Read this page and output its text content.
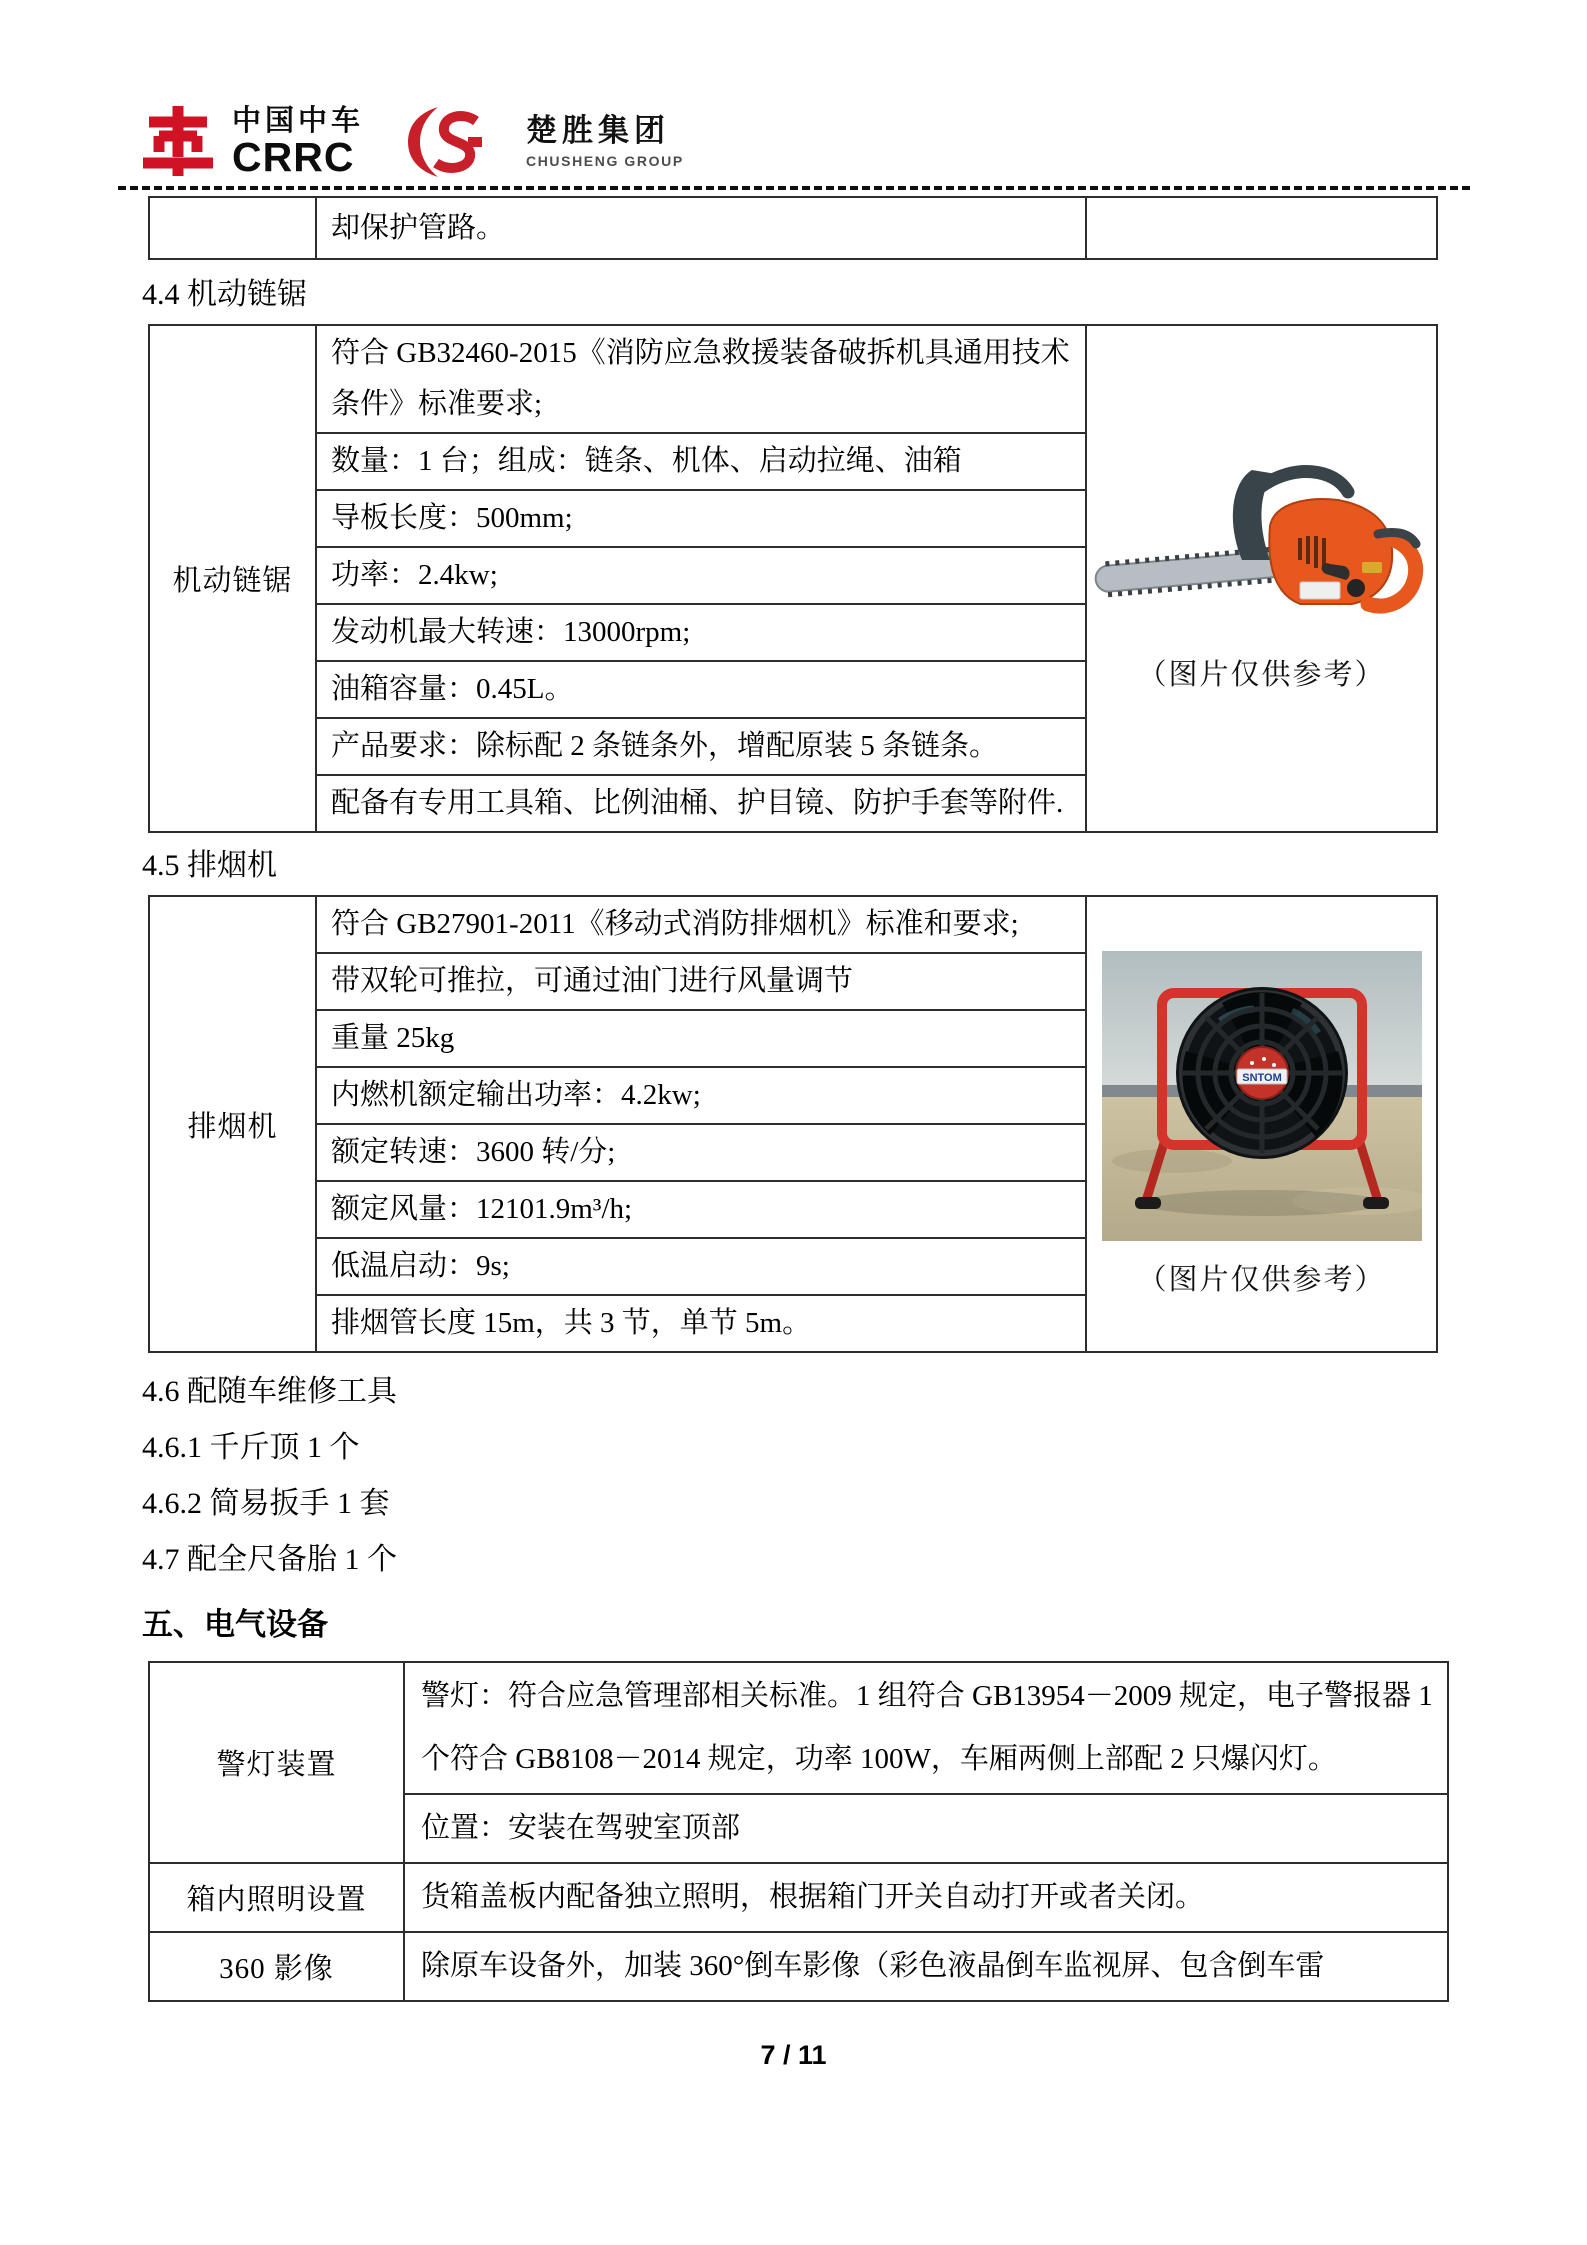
中国中车
CRRC
楚胜集团
CHUSHENG GROUP
	却保护管路。	
4.4 机动链锯
机动链锯	符合 GB32460-2015《消防应急救援装备破拆机具通用技术条件》标准要求;	
（图片仅供参考）

数量：1 台；组成：链条、机体、启动拉绳、油箱
导板长度：500mm;
功率：2.4kw;
发动机最大转速：13000rpm;
油箱容量：0.45L。
产品要求：除标配 2 条链条外，增配原装 5 条链条。
配备有专用工具箱、比例油桶、护目镜、防护手套等附件.
4.5 排烟机
排烟机	符合 GB27901-2011《移动式消防排烟机》标准和要求;	
SNTOM
（图片仅供参考）

带双轮可推拉，可通过油门进行风量调节
重量 25kg
内燃机额定输出功率：4.2kw;
额定转速：3600 转/分;
额定风量：12101.9m³/h;
低温启动：9s;
排烟管长度 15m，共 3 节，单节 5m。
4.6 配随车维修工具
4.6.1 千斤顶 1 个
4.6.2 简易扳手 1 套
4.7 配全尺备胎 1 个
五、电气设备
警灯装置	警灯：符合应急管理部相关标准。1 组符合 GB13954－2009 规定，电子警报器 1 个符合 GB8108－2014 规定，功率 100W，车厢两侧上部配 2 只爆闪灯。
	位置：安装在驾驶室顶部
箱内照明设置	货箱盖板内配备独立照明，根据箱门开关自动打开或者关闭。
360 影像	除原车设备外，加装 360°倒车影像（彩色液晶倒车监视屏、包含倒车雷
7 / 11
